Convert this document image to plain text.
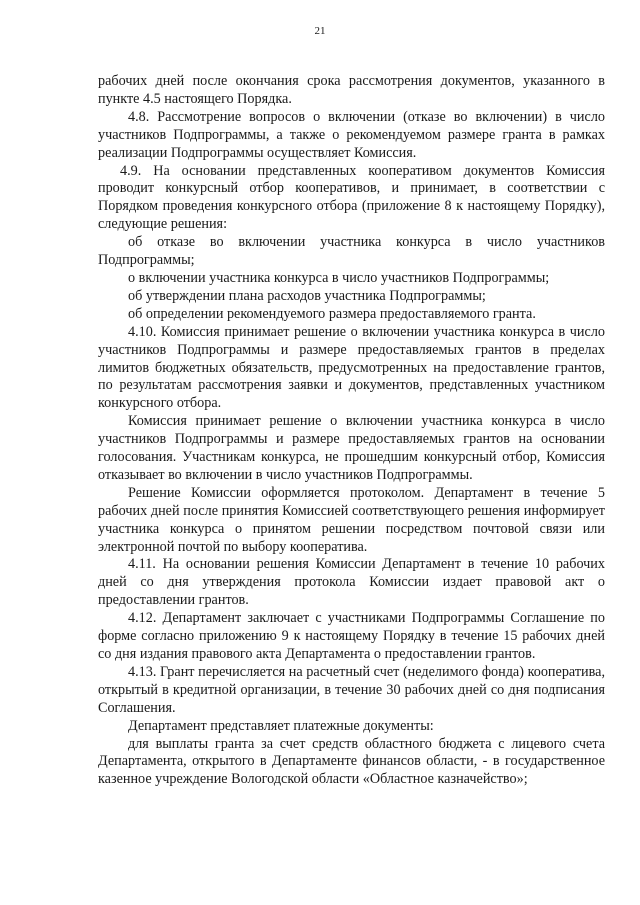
21

рабочих дней после окончания срока рассмотрения документов, указанного в пункте 4.5 настоящего Порядка.

4.8. Рассмотрение вопросов о включении (отказе во включении) в число участников Подпрограммы, а также о рекомендуемом размере гранта в рамках реализации Подпрограммы осуществляет Комиссия.

4.9. На основании представленных кооперативом документов Комиссия проводит конкурсный отбор кооперативов, и принимает, в соответствии с Порядком проведения конкурсного отбора (приложение 8 к настоящему Порядку), следующие решения:

об отказе во включении участника конкурса в число участников Подпрограммы;

о включении участника конкурса в число участников Подпрограммы;

об утверждении плана расходов участника Подпрограммы;

об определении рекомендуемого размера предоставляемого гранта.

4.10. Комиссия принимает решение о включении участника конкурса в число участников Подпрограммы и размере предоставляемых грантов в пределах лимитов бюджетных обязательств, предусмотренных на предоставление грантов, по результатам рассмотрения заявки и документов, представленных участником конкурсного отбора.

Комиссия принимает решение о включении участника конкурса в число участников Подпрограммы и размере предоставляемых грантов на основании голосования. Участникам конкурса, не прошедшим конкурсный отбор, Комиссия отказывает во включении в число участников Подпрограммы.

Решение Комиссии оформляется протоколом. Департамент в течение 5 рабочих дней после принятия Комиссией соответствующего решения информирует участника конкурса о принятом решении посредством почтовой связи или электронной почтой по выбору кооператива.

4.11. На основании решения Комиссии Департамент в течение 10 рабочих дней со дня утверждения протокола Комиссии издает правовой акт о предоставлении грантов.

4.12. Департамент заключает с участниками Подпрограммы Соглашение по форме согласно приложению 9 к настоящему Порядку в течение 15 рабочих дней со дня издания правового акта Департамента о предоставлении грантов.

4.13. Грант перечисляется на расчетный счет (неделимого фонда) кооператива, открытый в кредитной организации, в течение 30 рабочих дней со дня подписания Соглашения.

Департамент представляет платежные документы:

для выплаты гранта за счет средств областного бюджета с лицевого счета Департамента, открытого в Департаменте финансов области, - в государственное казенное учреждение Вологодской области «Областное казначейство»;
